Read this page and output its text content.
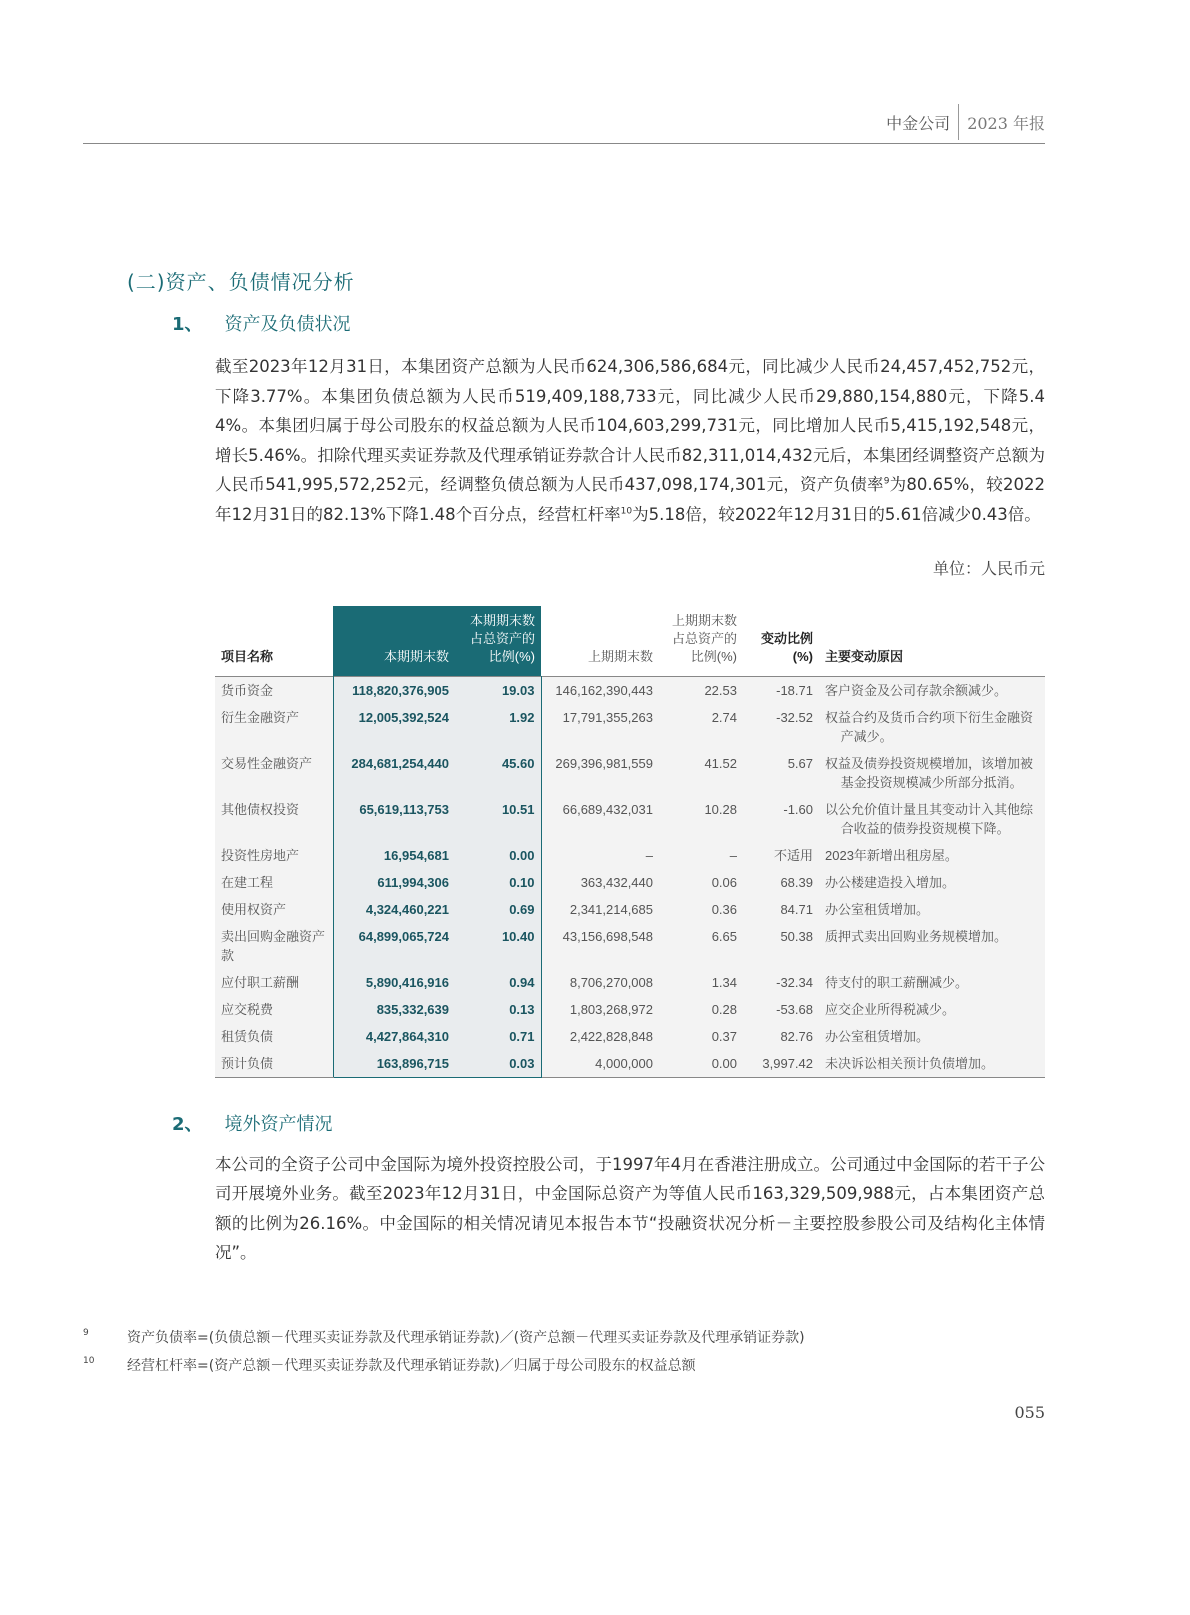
中金公司 2023 年报
(二)资产、负债情况分析
1、 资产及负债状况
截至2023年12月31日，本集团资产总额为人民币624,306,586,684元，同比减少人民币24,457,452,752元，下降3.77%。本集团负债总额为人民币519,409,188,733元，同比减少人民币29,880,154,880元，下降5.44%。本集团归属于母公司股东的权益总额为人民币104,603,299,731元，同比增加人民币5,415,192,548元，增长5.46%。扣除代理买卖证券款及代理承销证券款合计人民币82,311,014,432元后，本集团经调整资产总额为人民币541,995,572,252元，经调整负债总额为人民币437,098,174,301元，资产负债率$^9$为80.65%，较2022年12月31日的82.13%下降1.48个百分点，经营杠杆率$^{10}$为5.18倍，较2022年12月31日的5.61倍减少0.43倍。
单位：人民币元
项目名称	本期期末数	本期期末数占总资产的比例(%)	上期期末数	上期期末数占总资产的比例(%)	变动比例(%)	主要变动原因
货币资金	118,820,376,905	19.03	146,162,390,443	22.53	-18.71	客户资金及公司存款余额减少。
衍生金融资产	12,005,392,524	1.92	17,791,355,263	2.74	-32.52	权益合约及货币合约项下衍生金融资产减少。
交易性金融资产	284,681,254,440	45.60	269,396,981,559	41.52	5.67	权益及债券投资规模增加，该增加被基金投资规模减少所部分抵消。
其他债权投资	65,619,113,753	10.51	66,689,432,031	10.28	-1.60	以公允价值计量且其变动计入其他综合收益的债券投资规模下降。
投资性房地产	16,954,681	0.00	–	–	不适用	2023年新增出租房屋。
在建工程	611,994,306	0.10	363,432,440	0.06	68.39	办公楼建造投入增加。
使用权资产	4,324,460,221	0.69	2,341,214,685	0.36	84.71	办公室租赁增加。
卖出回购金融资产款	64,899,065,724	10.40	43,156,698,548	6.65	50.38	质押式卖出回购业务规模增加。
应付职工薪酬	5,890,416,916	0.94	8,706,270,008	1.34	-32.34	待支付的职工薪酬减少。
应交税费	835,332,639	0.13	1,803,268,972	0.28	-53.68	应交企业所得税减少。
租赁负债	4,427,864,310	0.71	2,422,828,848	0.37	82.76	办公室租赁增加。
预计负债	163,896,715	0.03	4,000,000	0.00	3,997.42	未决诉讼相关预计负债增加。
2、 境外资产情况
本公司的全资子公司中金国际为境外投资控股公司，于1997年4月在香港注册成立。公司通过中金国际的若干子公司开展境外业务。截至2023年12月31日，中金国际总资产为等值人民币163,329,509,988元，占本集团资产总额的比例为26.16%。中金国际的相关情况请见本报告本节“投融资状况分析－主要控股参股公司及结构化主体情况”。
9	资产负债率=(负债总额－代理买卖证券款及代理承销证券款)／(资产总额－代理买卖证券款及代理承销证券款)
10	经营杠杆率=(资产总额－代理买卖证券款及代理承销证券款)／归属于母公司股东的权益总额
055
